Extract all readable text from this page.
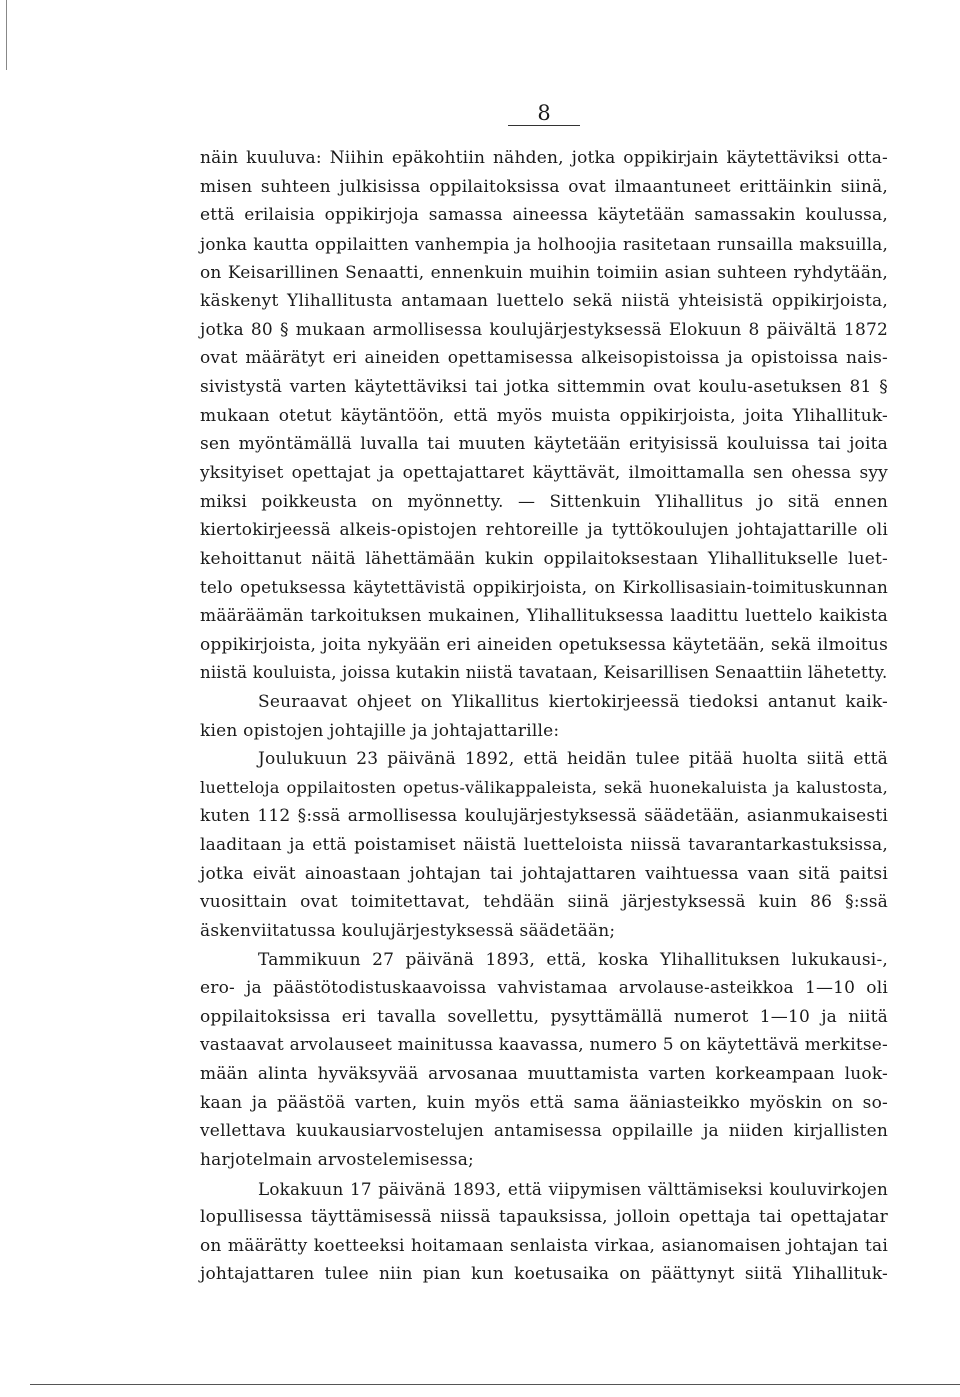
8
näin kuuluva: Niihin epäkohtiin nähden, jotka oppikirjain käytettäviksi otta-
misen suhteen julkisissa oppilaitoksissa ovat ilmaantuneet erittäinkin siinä,
että erilaisia oppikirjoja samassa aineessa käytetään samassakin koulussa,
jonka kautta oppilaitten vanhempia ja holhoojia rasitetaan runsailla maksuilla,
on Keisarillinen Senaatti, ennenkuin muihin toimiin asian suhteen ryhdytään,
käskenyt Ylihallitusta antamaan luettelo sekä niistä yhteisistä oppikirjoista,
jotka 80 § mukaan armollisessa koulujärjestyksessä Elokuun 8 päivältä 1872
ovat määrätyt eri aineiden opettamisessa alkeisopistoissa ja opistoissa nais-
sivistystä varten käytettäviksi tai jotka sittemmin ovat koulu-asetuksen 81 §
mukaan otetut käytäntöön, että myös muista oppikirjoista, joita Ylihallituk-
sen myöntämällä luvalla tai muuten käytetään erityisissä kouluissa tai joita
yksityiset opettajat ja opettajattaret käyttävät, ilmoittamalla sen ohessa syy
miksi poikkeusta on myönnetty. — Sittenkuin Ylihallitus jo sitä ennen
kiertokirjeessä alkeis-opistojen rehtoreille ja tyttökoulujen johtajattarille oli
kehoittanut näitä lähettämään kukin oppilaitoksestaan Ylihallitukselle luet-
telo opetuksessa käytettävistä oppikirjoista, on Kirkollisasiain-toimituskunnan
määräämän tarkoituksen mukainen, Ylihallituksessa laadittu luettelo kaikista
oppikirjoista, joita nykyään eri aineiden opetuksessa käytetään, sekä ilmoitus
niistä kouluista, joissa kutakin niistä tavataan, Keisarillisen Senaattiin lähetetty.
Seuraavat ohjeet on Ylikallitus kiertokirjeessä tiedoksi antanut kaik-
kien opistojen johtajille ja johtajattarille:
Joulukuun 23 päivänä 1892, että heidän tulee pitää huolta siitä että
luetteloja oppilaitosten opetus-välikappaleista, sekä huonekaluista ja kalustosta,
kuten 112 §:ssä armollisessa koulujärjestyksessä säädetään, asianmukaisesti
laaditaan ja että poistamiset näistä luetteloista niissä tavarantarkastuksissa,
jotka eivät ainoastaan johtajan tai johtajattaren vaihtuessa vaan sitä paitsi
vuosittain ovat toimitettavat, tehdään siinä järjestyksessä kuin 86 §:ssä
äskenviitatussa koulujärjestyksessä säädetään;
Tammikuun 27 päivänä 1893, että, koska Ylihallituksen lukukausi-,
ero- ja päästötodistuskaavoissa vahvistamaa arvolause-asteikkoa 1—10 oli
oppilaitoksissa eri tavalla sovellettu, pysyttämällä numerot 1—10 ja niitä
vastaavat arvolauseet mainitussa kaavassa, numero 5 on käytettävä merkitse-
mään alinta hyväksyvää arvosanaa muuttamista varten korkeampaan luok-
kaan ja päästöä varten, kuin myös että sama ääniasteikko myöskin on so-
vellettava kuukausiarvostelujen antamisessa oppilaille ja niiden kirjallisten
harjotelmain arvostelemisessa;
Lokakuun 17 päivänä 1893, että viipymisen välttämiseksi kouluvirkojen
lopullisessa täyttämisessä niissä tapauksissa, jolloin opettaja tai opettajatar
on määrätty koetteeksi hoitamaan senlaista virkaa, asianomaisen johtajan tai
johtajattaren tulee niin pian kun koetusaika on päättynyt siitä Ylihallituk-
